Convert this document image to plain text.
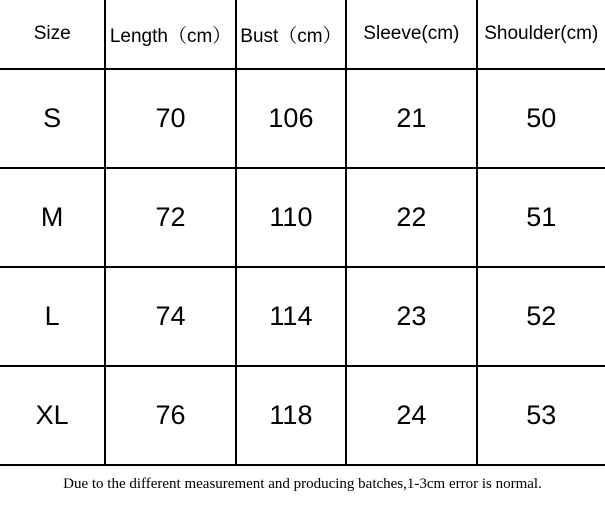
Size	Length（cm）	Bust（cm）	Sleeve(cm)	Shoulder(cm)
S	70	106	21	50
M	72	110	22	51
L	74	114	23	52
XL	76	118	24	53
Due to the different measurement and producing batches,1-3cm error is normal.
